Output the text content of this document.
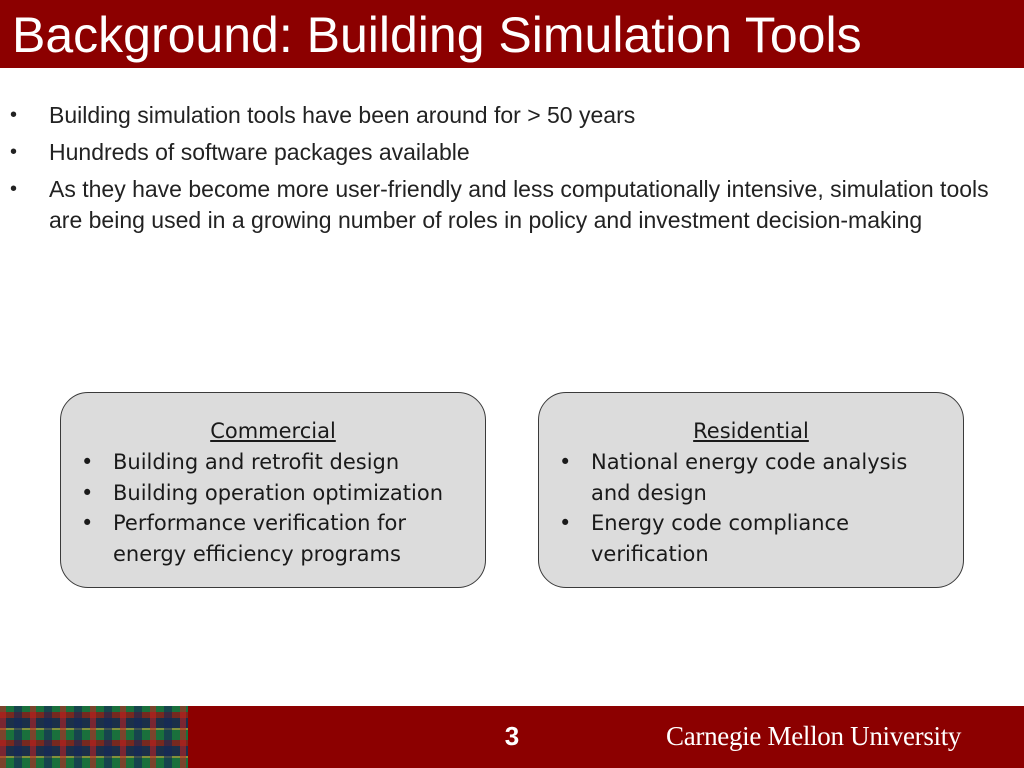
Background: Building Simulation Tools
• Building simulation tools have been around for > 50 years
• Hundreds of software packages available
• As they have become more user-friendly and less computationally intensive, simulation tools are being used in a growing number of roles in policy and investment decision-making
Commercial
• Building and retrofit design
• Building operation optimization
• Performance verification for energy efficiency programs
Residential
• National energy code analysis and design
• Energy code compliance verification
3	Carnegie Mellon University
